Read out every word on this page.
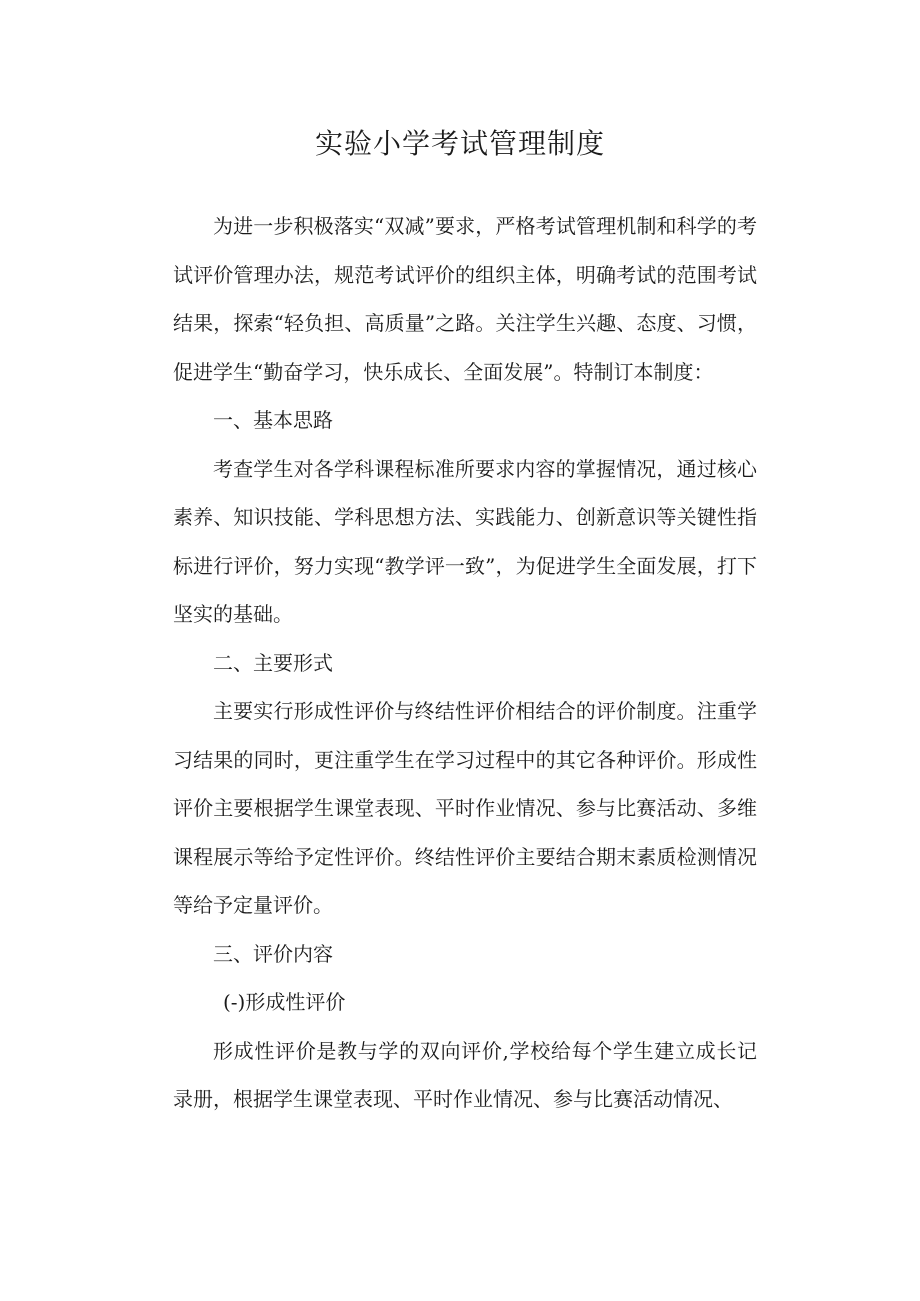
实验小学考试管理制度

为进一步积极落实“双减”要求，严格考试管理机制和科学的考试评价管理办法，规范考试评价的组织主体，明确考试的范围考试结果，探索“轻负担、高质量”之路。关注学生兴趣、态度、习惯，促进学生“勤奋学习，快乐成长、全面发展”。特制订本制度：

一、基本思路

考查学生对各学科课程标准所要求内容的掌握情况，通过核心素养、知识技能、学科思想方法、实践能力、创新意识等关键性指标进行评价，努力实现“教学评一致”，为促进学生全面发展，打下坚实的基础。

二、主要形式

主要实行形成性评价与终结性评价相结合的评价制度。注重学习结果的同时，更注重学生在学习过程中的其它各种评价。形成性评价主要根据学生课堂表现、平时作业情况、参与比赛活动、多维课程展示等给予定性评价。终结性评价主要结合期末素质检测情况等给予定量评价。

三、评价内容

(-)形成性评价

形成性评价是教与学的双向评价,学校给每个学生建立成长记录册，根据学生课堂表现、平时作业情况、参与比赛活动情况、
